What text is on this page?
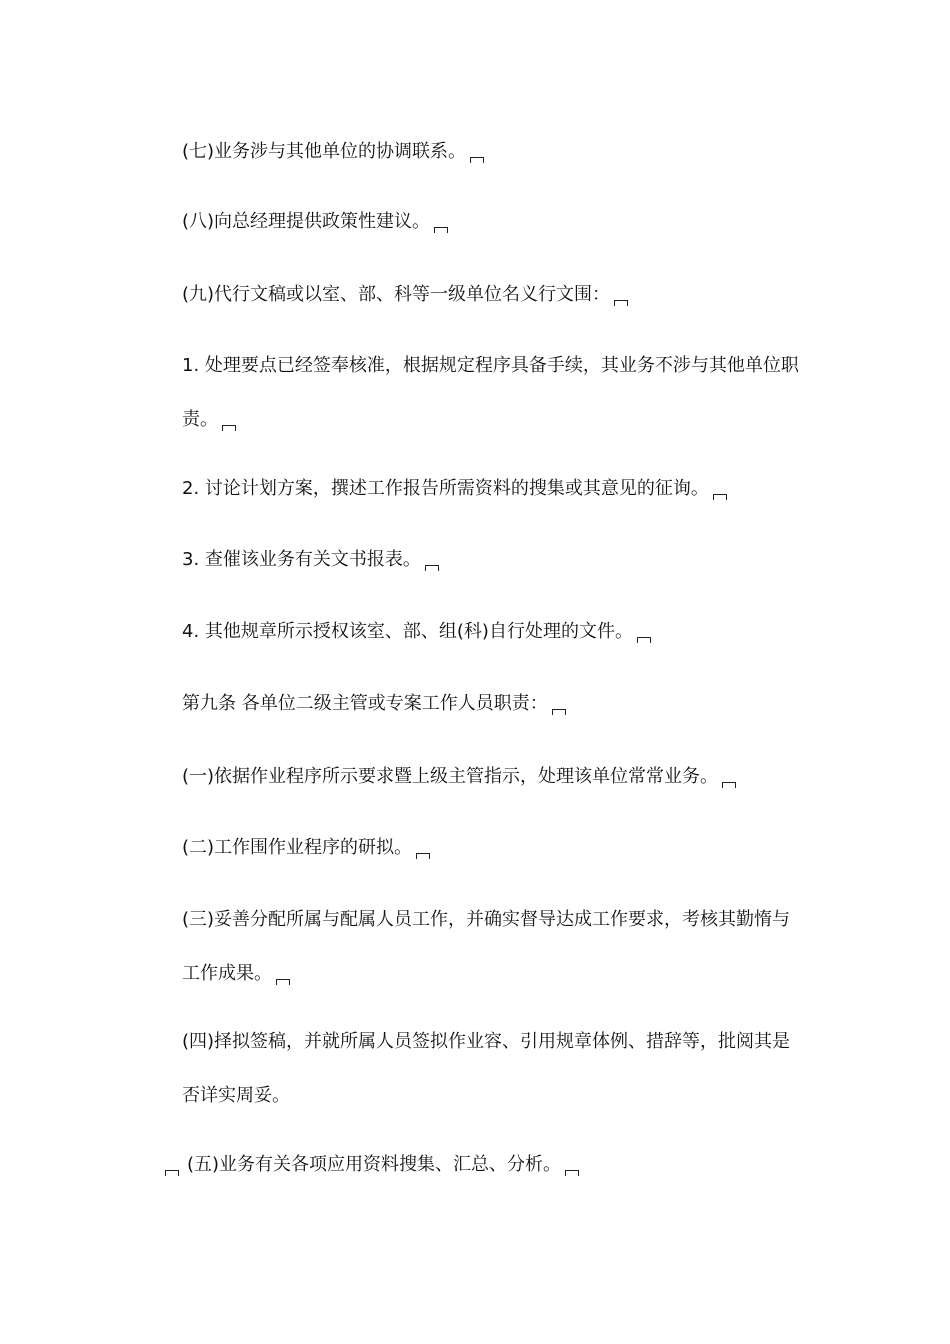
(七)业务涉与其他单位的协调联系。
(八)向总经理提供政策性建议。
(九)代行文稿或以室、部、科等一级单位名义行文围：
1. 处理要点已经签奉核准，根据规定程序具备手续，其业务不涉与其他单位职责。
2. 讨论计划方案，撰述工作报告所需资料的搜集或其意见的征询。
3. 查催该业务有关文书报表。
4. 其他规章所示授权该室、部、组(科)自行处理的文件。
第九条 各单位二级主管或专案工作人员职责：
(一)依据作业程序所示要求暨上级主管指示，处理该单位常常业务。
(二)工作围作业程序的研拟。
(三)妥善分配所属与配属人员工作，并确实督导达成工作要求，考核其勤惰与工作成果。
(四)择拟签稿，并就所属人员签拟作业容、引用规章体例、措辞等，批阅其是否详实周妥。
(五)业务有关各项应用资料搜集、汇总、分析。
